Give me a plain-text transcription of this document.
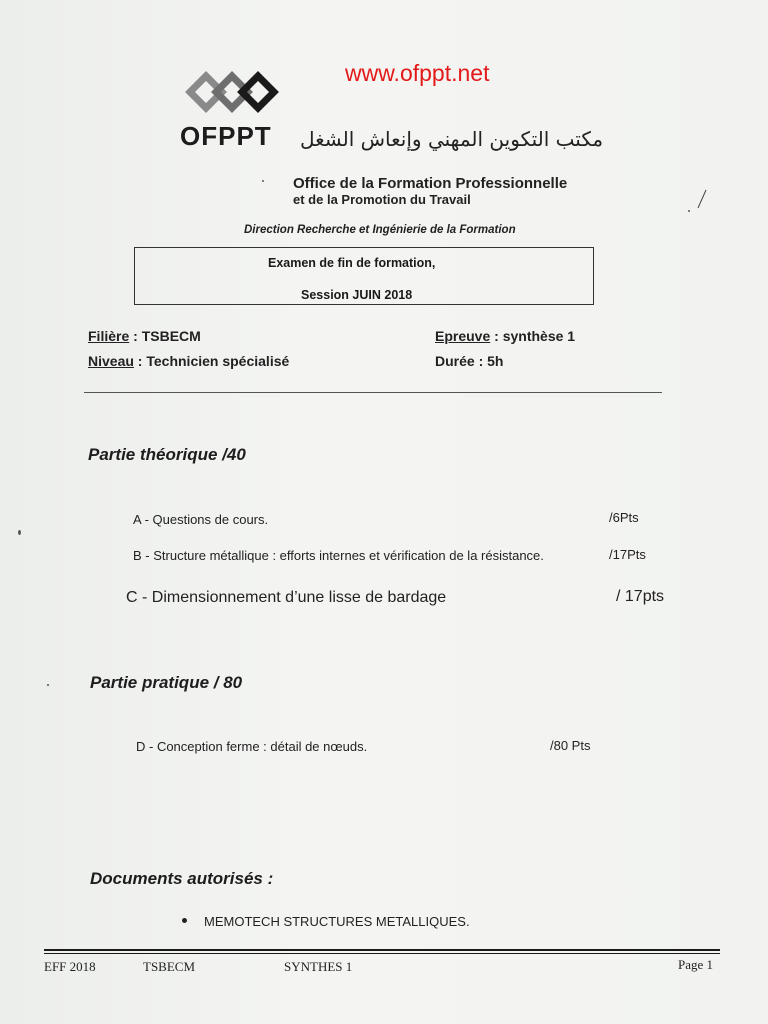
OFPPT
www.ofppt.net
مكتب التكوين المهني وإنعاش الشغل
Office de la Formation Professionnelle
et de la Promotion du Travail
Direction Recherche et Ingénierie de la Formation
Examen de fin de formation,
Session JUIN 2018
Filière : TSBECM
Niveau : Technicien spécialisé
Epreuve : synthèse 1
Durée : 5h
Partie théorique /40
A - Questions de cours.	/6Pts
B - Structure métallique : efforts internes et vérification de la résistance.	/17Pts
C - Dimensionnement d’une lisse de bardage	/ 17pts
Partie pratique / 80
D - Conception ferme : détail de nœuds.	/80 Pts
Documents autorisés :
MEMOTECH STRUCTURES METALLIQUES.
EFF 2018	TSBECM	SYNTHES 1	Page 1
